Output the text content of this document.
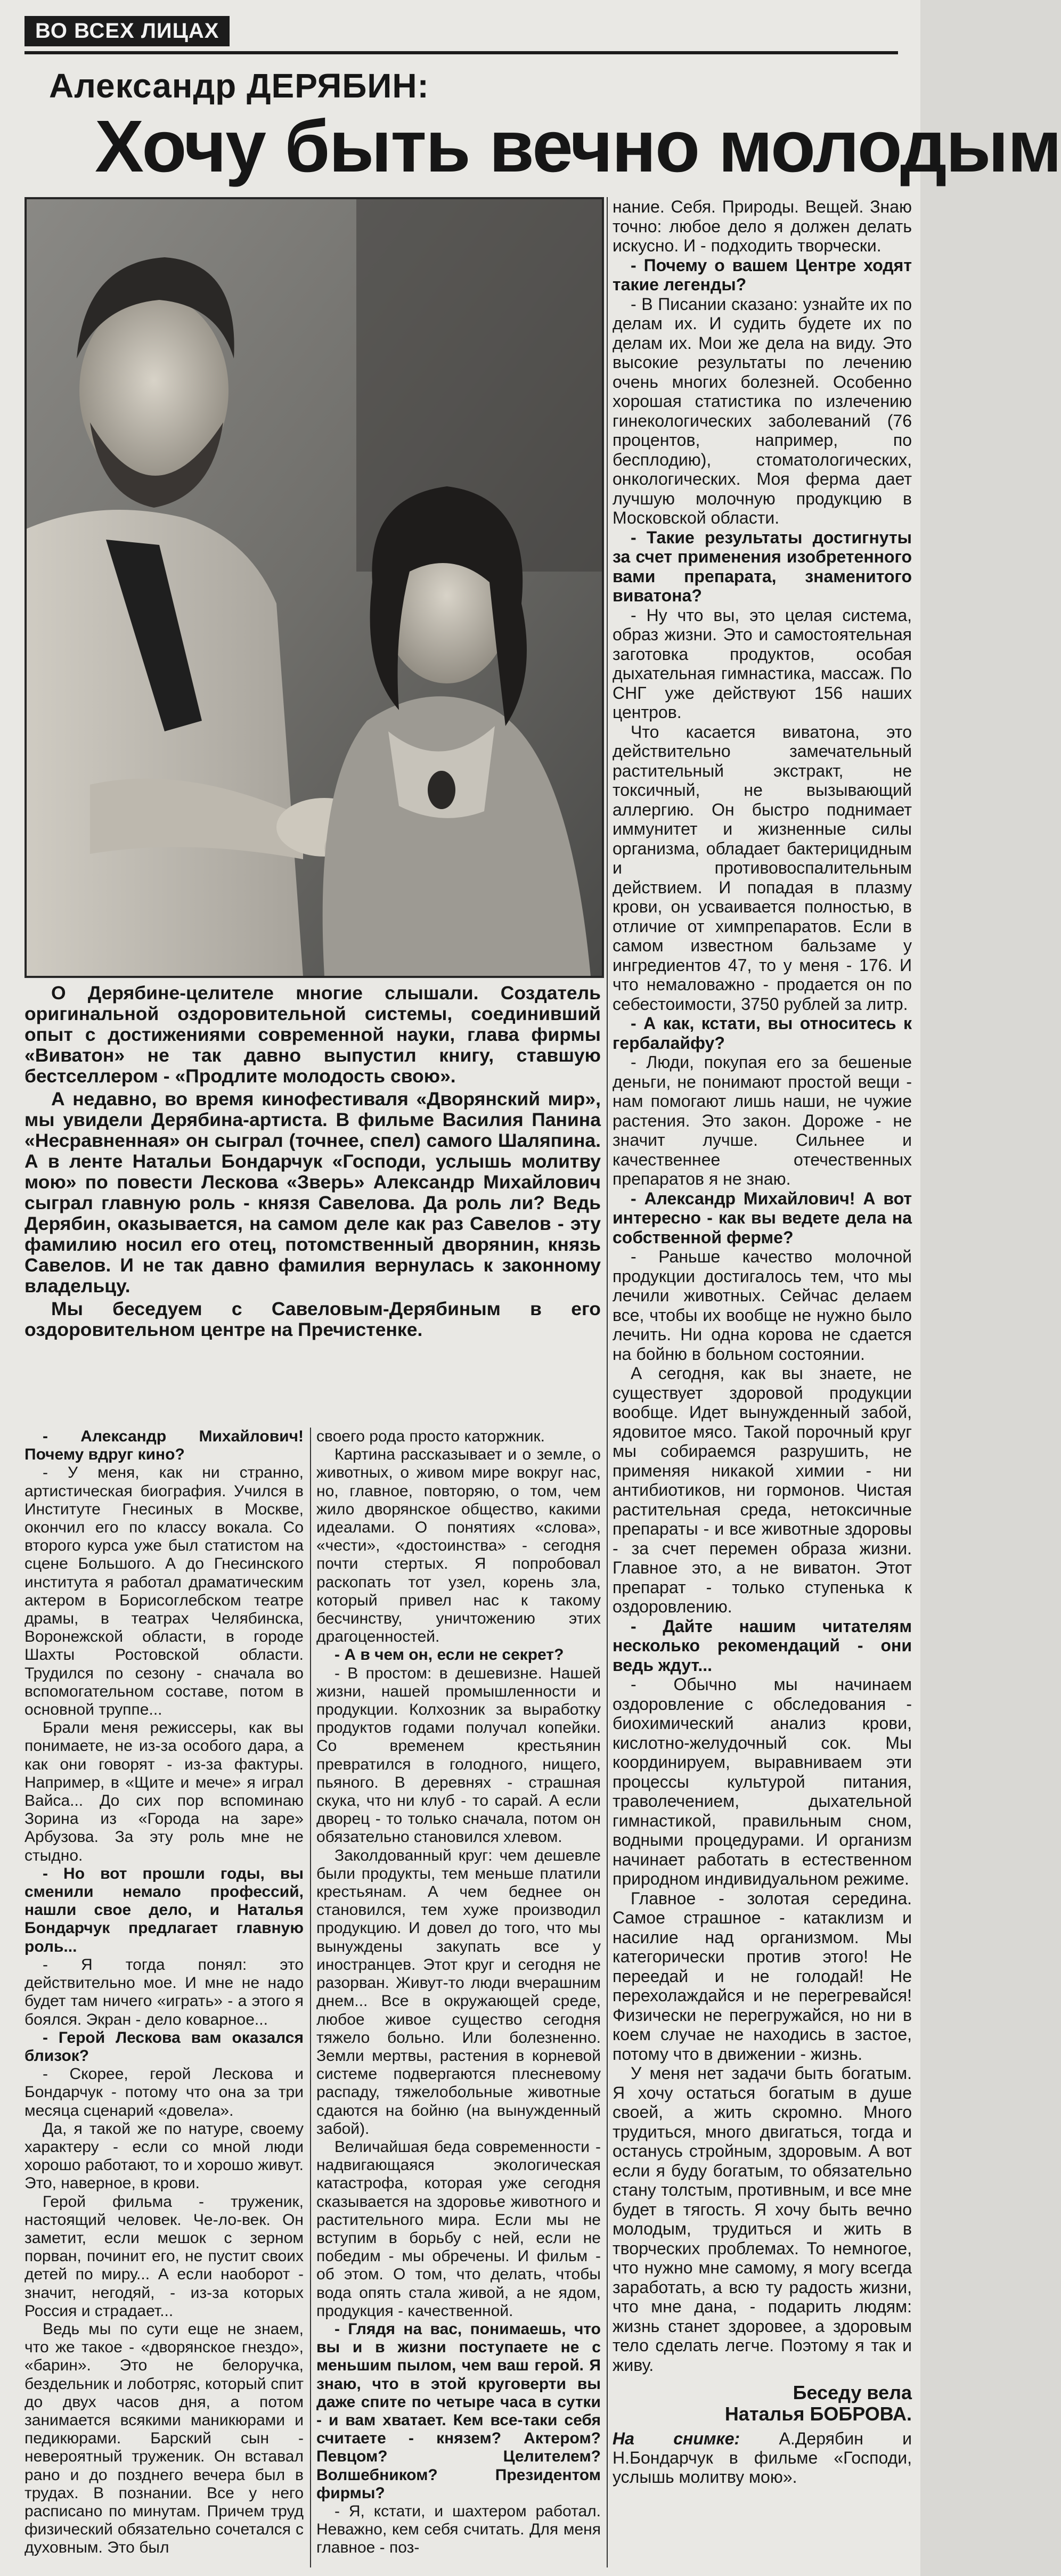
ВО ВСЕХ ЛИЦАХ
Александр ДЕРЯБИН:
Хочу быть вечно молодым

О Дерябине-целителе многие слышали. Создатель оригинальной оздоровительной системы, соединивший опыт с достижениями современной науки, глава фирмы «Виватон» не так давно выпустил книгу, ставшую бестселлером - «Продлите молодость свою».

А недавно, во время кинофестиваля «Дворянский мир», мы увидели Дерябина-артиста. В фильме Василия Панина «Несравненная» он сыграл (точнее, спел) самого Шаляпина. А в ленте Натальи Бондарчук «Господи, услышь молитву мою» по повести Лескова «Зверь» Александр Михайлович сыграл главную роль - князя Савелова. Да роль ли? Ведь Дерябин, оказывается, на самом деле как раз Савелов - эту фамилию носил его отец, потомственный дворянин, князь Савелов. И не так давно фамилия вернулась к законному владельцу.

Мы беседуем с Савеловым-Дерябиным в его оздоровительном центре на Пречистенке.

- Александр Михайлович! Почему вдруг кино?

- У меня, как ни странно, артистическая биография. Учился в Институте Гнесиных в Москве, окончил его по классу вокала. Со второго курса уже был статистом на сцене Большого. А до Гнесинского института я работал драматическим актером в Борисоглебском театре драмы, в театрах Челябинска, Воронежской области, в городе Шахты Ростовской области. Трудился по сезону - сначала во вспомогательном составе, потом в основной труппе...

Брали меня режиссеры, как вы понимаете, не из-за особого дара, а как они говорят - из-за фактуры. Например, в «Щите и мече» я играл Вайса... До сих пор вспоминаю Зорина из «Города на заре» Арбузова. За эту роль мне не стыдно.

- Но вот прошли годы, вы сменили немало профессий, нашли свое дело, и Наталья Бондарчук предлагает главную роль...

- Я тогда понял: это действительно мое. И мне не надо будет там ничего «играть» - а этого я боялся. Экран - дело коварное...

- Герой Лескова вам оказался близок?

- Скорее, герой Лескова и Бондарчук - потому что она за три месяца сценарий «довела».

Да, я такой же по натуре, своему характеру - если со мной люди хорошо работают, то и хорошо живут. Это, наверное, в крови.

Герой фильма - труженик, настоящий человек. Че-ло-век. Он заметит, если мешок с зерном порван, починит его, не пустит своих детей по миру... А если наоборот - значит, негодяй, - из-за которых Россия и страдает...

Ведь мы по сути еще не знаем, что же такое - «дворянское гнездо», «барин». Это не белоручка, бездельник и лоботряс, который спит до двух часов дня, а потом занимается всякими маникюрами и педикюрами. Барский сын - невероятный труженик. Он вставал рано и до позднего вечера был в трудах. В познании. Все у него расписано по минутам. Причем труд физический обязательно сочетался с духовным. Это был

своего рода просто каторжник.

Картина рассказывает и о земле, о животных, о живом мире вокруг нас, но, главное, повторяю, о том, чем жило дворянское общество, какими идеалами. О понятиях «слова», «чести», «достоинства» - сегодня почти стертых. Я попробовал раскопать тот узел, корень зла, который привел нас к такому бесчинству, уничтожению этих драгоценностей.

- А в чем он, если не секрет?

- В простом: в дешевизне. Нашей жизни, нашей промышленности и продукции. Колхозник за выработку продуктов годами получал копейки. Со временем крестьянин превратился в голодного, нищего, пьяного. В деревнях - страшная скука, что ни клуб - то сарай. А если дворец - то только сначала, потом он обязательно становился хлевом.

Заколдованный круг: чем дешевле были продукты, тем меньше платили крестьянам. А чем беднее он становился, тем хуже производил продукцию. И довел до того, что мы вынуждены закупать все у иностранцев. Этот круг и сегодня не разорван. Живут-то люди вчерашним днем... Все в окружающей среде, любое живое существо сегодня тяжело больно. Или болезненно. Земли мертвы, растения в корневой системе подвергаются плесневому распаду, тяжелобольные животные сдаются на бойню (на вынужденный забой).

Величайшая беда современности - надвигающаяся экологическая катастрофа, которая уже сегодня сказывается на здоровье животного и растительного мира. Если мы не вступим в борьбу с ней, если не победим - мы обречены. И фильм - об этом. О том, что делать, чтобы вода опять стала живой, а не ядом, продукция - качественной.

- Глядя на вас, понимаешь, что вы и в жизни поступаете не с меньшим пылом, чем ваш герой. Я знаю, что в этой круговерти вы даже спите по четыре часа в сутки - и вам хватает. Кем все-таки себя считаете - князем? Актером? Певцом? Целителем? Волшебником? Президентом фирмы?

- Я, кстати, и шахтером работал. Неважно, кем себя считать. Для меня главное - поз-

нание. Себя. Природы. Вещей. Знаю точно: любое дело я должен делать искусно. И - подходить творчески.

- Почему о вашем Центре ходят такие легенды?

- В Писании сказано: узнайте их по делам их. И судить будете их по делам их. Мои же дела на виду. Это высокие результаты по лечению очень многих болезней. Особенно хорошая статистика по излечению гинекологических заболеваний (76 процентов, например, по бесплодию), стоматологических, онкологических. Моя ферма дает лучшую молочную продукцию в Московской области.

- Такие результаты достигнуты за счет применения изобретенного вами препарата, знаменитого виватона?

- Ну что вы, это целая система, образ жизни. Это и самостоятельная заготовка продуктов, особая дыхательная гимнастика, массаж. По СНГ уже действуют 156 наших центров.

Что касается виватона, это действительно замечательный растительный экстракт, не токсичный, не вызывающий аллергию. Он быстро поднимает иммунитет и жизненные силы организма, обладает бактерицидным и противовоспалительным действием. И попадая в плазму крови, он усваивается полностью, в отличие от химпрепаратов. Если в самом известном бальзаме у ингредиентов 47, то у меня - 176. И что немаловажно - продается он по себестоимости, 3750 рублей за литр.

- А как, кстати, вы относитесь к гербалайфу?

- Люди, покупая его за бешеные деньги, не понимают простой вещи - нам помогают лишь наши, не чужие растения. Это закон. Дороже - не значит лучше. Сильнее и качественнее отечественных препаратов я не знаю.

- Александр Михайлович! А вот интересно - как вы ведете дела на собственной ферме?

- Раньше качество молочной продукции достигалось тем, что мы лечили животных. Сейчас делаем все, чтобы их вообще не нужно было лечить. Ни одна корова не сдается на бойню в больном состоянии.

А сегодня, как вы знаете, не существует здоровой продукции вообще. Идет вынужденный забой, ядовитое мясо. Такой порочный круг мы собираемся разрушить, не применяя никакой химии - ни антибиотиков, ни гормонов. Чистая растительная среда, нетоксичные препараты - и все животные здоровы - за счет перемен образа жизни. Главное это, а не виватон. Этот препарат - только ступенька к оздоровлению.

- Дайте нашим читателям несколько рекомендаций - они ведь ждут...

- Обычно мы начинаем оздоровление с обследования - биохимический анализ крови, кислотно-желудочный сок. Мы координируем, выравниваем эти процессы культурой питания, траволечением, дыхательной гимнастикой, правильным сном, водными процедурами. И организм начинает работать в естественном природном индивидуальном режиме.

Главное - золотая середина. Самое страшное - катаклизм и насилие над организмом. Мы категорически против этого! Не переедай и не голодай! Не перехолаждайся и не перегревайся! Физически не перегружайся, но ни в коем случае не находись в застое, потому что в движении - жизнь.

У меня нет задачи быть богатым. Я хочу остаться богатым в душе своей, а жить скромно. Много трудиться, много двигаться, тогда и останусь стройным, здоровым. А вот если я буду богатым, то обязательно стану толстым, противным, и все мне будет в тягость. Я хочу быть вечно молодым, трудиться и жить в творческих проблемах. То немногое, что нужно мне самому, я могу всегда заработать, а всю ту радость жизни, что мне дана, - подарить людям: жизнь станет здоровее, а здоровым тело сделать легче. Поэтому я так и живу.

Беседу вела
Наталья БОБРОВА.
На снимке: А.Дерябин и Н.Бондарчук в фильме «Господи, услышь молитву мою».
